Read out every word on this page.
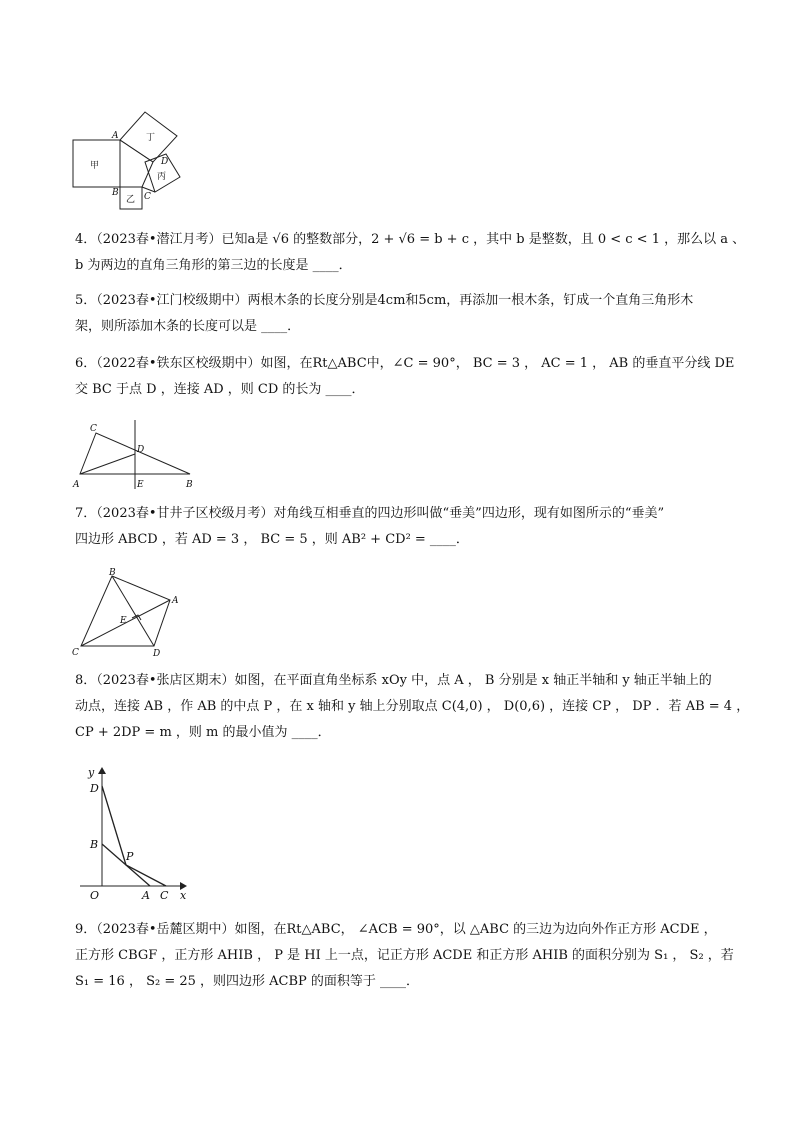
A
B	C
D
甲
乙
丙
丁
4．（2023春•潜江月考）已知a是 √6 的整数部分，2 + √6 = b + c ，其中 b 是整数，且 0 < c < 1 ，那么以 a 、
b 为两边的直角三角形的第三边的长度是 ____．
5．（2023春•江门校级期中）两根木条的长度分别是4cm和5cm，再添加一根木条，钉成一个直角三角形木
架，则所添加木条的长度可以是 ____．
6．（2022春•铁东区校级期中）如图，在Rt△ABC中，∠C = 90°， BC = 3 ， AC = 1 ， AB 的垂直平分线 DE
交 BC 于点 D ，连接 AD ，则 CD 的长为 ____．
C
D
A	E	B
7．（2023春•甘井子区校级月考）对角线互相垂直的四边形叫做“垂美”四边形，现有如图所示的“垂美”
四边形 ABCD ，若 AD = 3 ， BC = 5 ，则 AB² + CD² = ____．
B
A
E
C	D
8．（2023春•张店区期末）如图，在平面直角坐标系 xOy 中，点 A ， B 分别是 x 轴正半轴和 y 轴正半轴上的
动点，连接 AB ，作 AB 的中点 P ，在 x 轴和 y 轴上分别取点 C(4,0) ， D(0,6) ，连接 CP ， DP ．若 AB = 4 ，
CP + 2DP = m ，则 m 的最小值为 ____．
y
D
B
P
O	A C x
9．（2023春•岳麓区期中）如图，在Rt△ABC， ∠ACB = 90°，以 △ABC 的三边为边向外作正方形 ACDE ，
正方形 CBGF ，正方形 AHIB ， P 是 HI 上一点，记正方形 ACDE 和正方形 AHIB 的面积分别为 S₁ ， S₂ ，若
S₁ = 16 ， S₂ = 25 ，则四边形 ACBP 的面积等于 ____．
